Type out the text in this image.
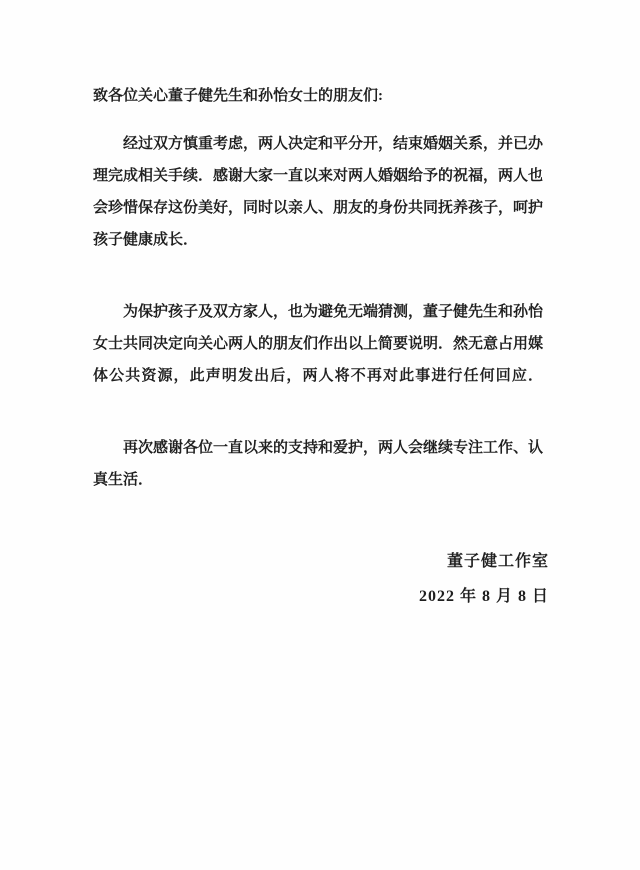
致各位关心董子健先生和孙怡女士的朋友们:
经过双方慎重考虑，两人决定和平分开，结束婚姻关系，并已办
理完成相关手续．感谢大家一直以来对两人婚姻给予的祝福，两人也
会珍惜保存这份美好，同时以亲人、朋友的身份共同抚养孩子，呵护
孩子健康成长．
为保护孩子及双方家人，也为避免无端猜测，董子健先生和孙怡
女士共同决定向关心两人的朋友们作出以上简要说明．然无意占用媒
体公共资源，此声明发出后，两人将不再对此事进行任何回应．
再次感谢各位一直以来的支持和爱护，两人会继续专注工作、认
真生活．
董子健工作室
2022 年 8 月 8 日
